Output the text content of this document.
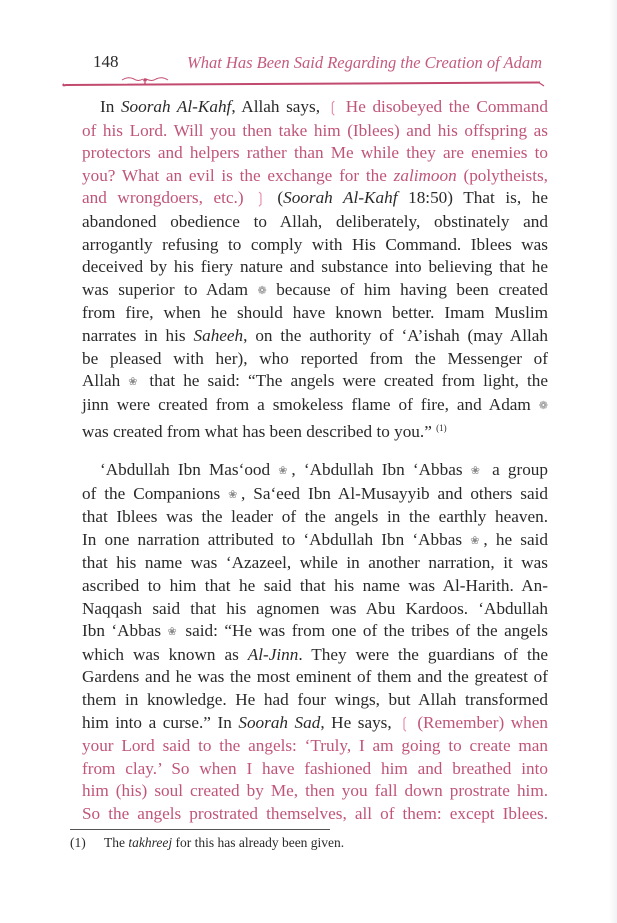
148	What Has Been Said Regarding the Creation of Adam

In Soorah Al-Kahf, Allah says, ❲ He disobeyed the Command
of his Lord. Will you then take him (Iblees) and his offspring as
protectors and helpers rather than Me while they are enemies to
you? What an evil is the exchange for the zalimoon (polytheists,
and wrongdoers, etc.) ❳ (Soorah Al-Kahf 18:50) That is, he
abandoned obedience to Allah, deliberately, obstinately and
arrogantly refusing to comply with His Command. Iblees was
deceived by his fiery nature and substance into believing that he
was superior to Adam ❁ because of him having been created
from fire, when he should have known better. Imam Muslim
narrates in his Saheeh, on the authority of ‘A’ishah (may Allah
be pleased with her), who reported from the Messenger of
Allah ❀ that he said: “The angels were created from light, the
jinn were created from a smokeless flame of fire, and Adam ❁
was created from what has been described to you.” $^{(1)}$

‘Abdullah Ibn Mas‘ood ❀, ‘Abdullah Ibn ‘Abbas ❀ a group
of the Companions ❀, Sa‘eed Ibn Al-Musayyib and others said
that Iblees was the leader of the angels in the earthly heaven.
In one narration attributed to ‘Abdullah Ibn ‘Abbas ❀, he said
that his name was ‘Azazeel, while in another narration, it was
ascribed to him that he said that his name was Al-Harith. An-
Naqqash said that his agnomen was Abu Kardoos. ‘Abdullah
Ibn ‘Abbas ❀ said: “He was from one of the tribes of the angels
which was known as Al-Jinn. They were the guardians of the
Gardens and he was the most eminent of them and the greatest of
them in knowledge. He had four wings, but Allah transformed
him into a curse.” In Soorah Sad, He says, ❲ (Remember) when
your Lord said to the angels: ‘Truly, I am going to create man
from clay.’ So when I have fashioned him and breathed into
him (his) soul created by Me, then you fall down prostrate him.
So the angels prostrated themselves, all of them: except Iblees.

(1) The takhreej for this has already been given.
